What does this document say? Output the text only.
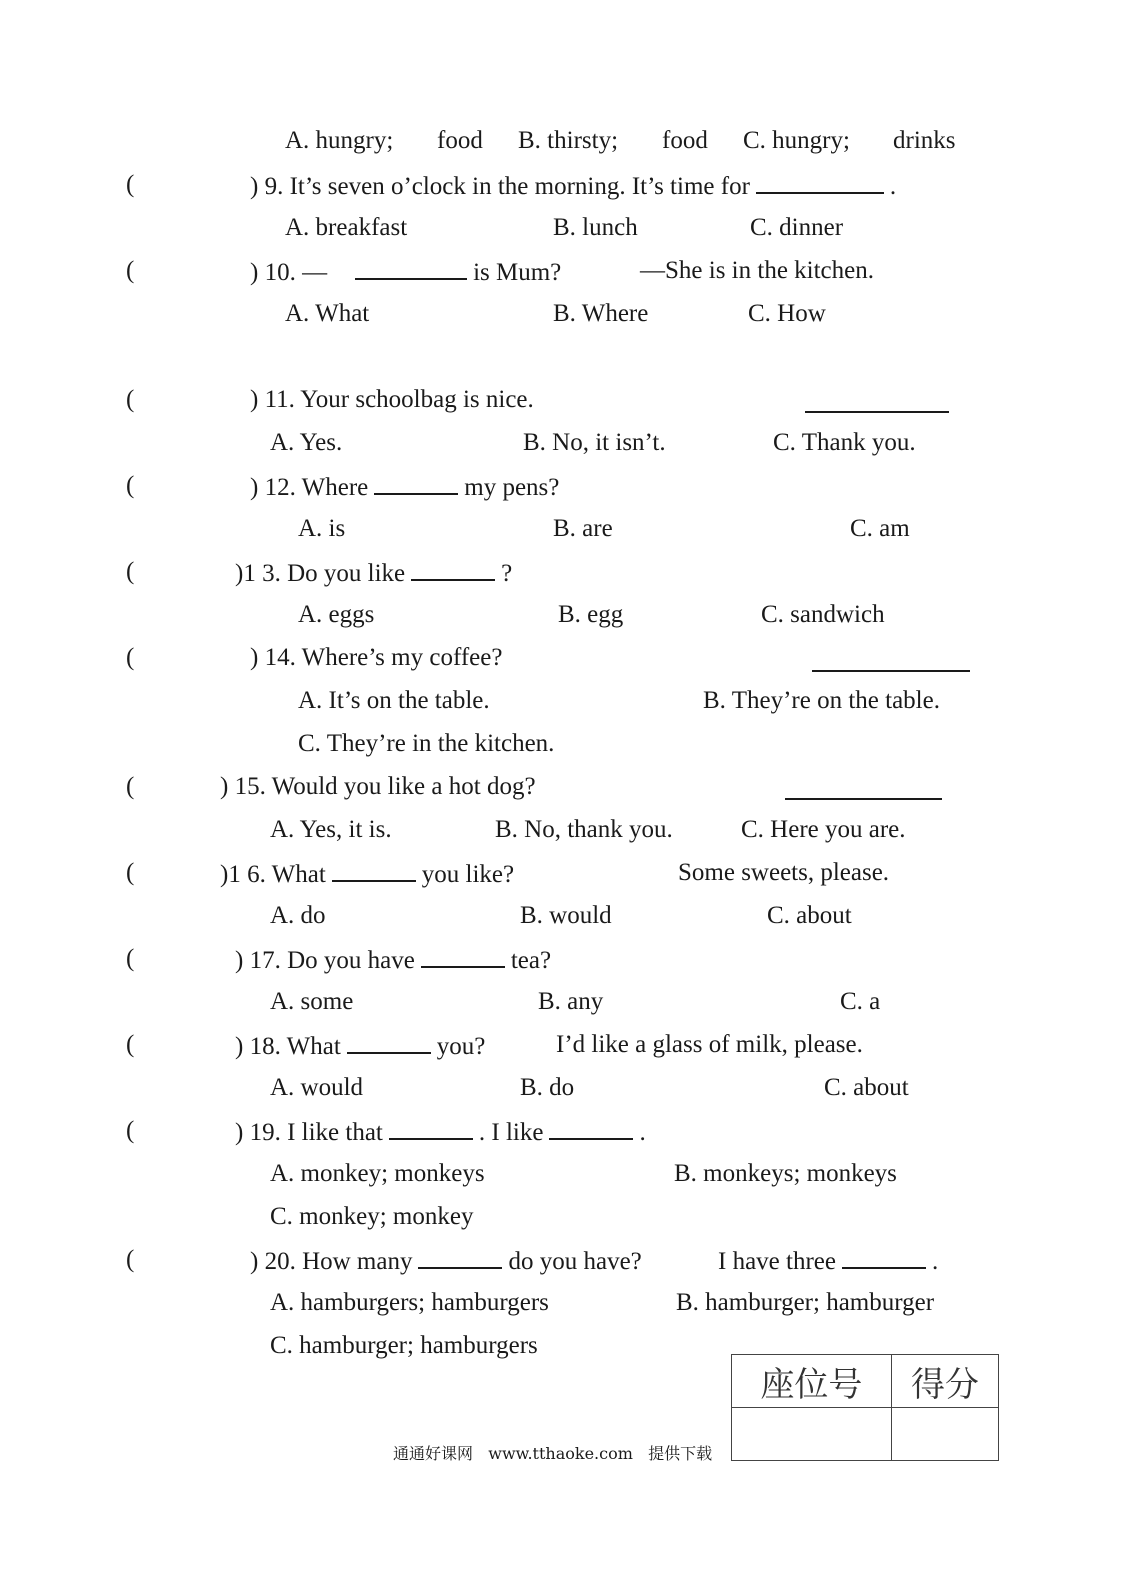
A. hungry; food B. thirsty; food C. hungry; drinks
(	) 9. It’s seven o’clock in the morning. It’s time for	.
A. breakfast	B. lunch	C. dinner
(	) 10. —	is Mum?	—She is in the kitchen.
A. What	B. Where	C. How
(	) 11. Your schoolbag is nice.
A. Yes.	B. No, it isn’t.	C. Thank you.
(	) 12. Where	my pens?
A. is	B. are	C. am
(	)1 3. Do you like	?
A. eggs	B. egg	C. sandwich
(	) 14. Where’s my coffee?
A. It’s on the table.	B. They’re on the table.
C. They’re in the kitchen.
(	) 15. Would you like a hot dog?
A. Yes, it is.	B. No, thank you.	C. Here you are.
(	)1 6. What	you like?	Some sweets, please.
A. do	B. would	C. about
(	) 17. Do you have	tea?
A. some	B. any	C. a
(	) 18. What	you?	I’d like a glass of milk, please.
A. would	B. do	C. about
(	) 19. I like that	. I like	.
A. monkey; monkeys	B. monkeys; monkeys
C. monkey; monkey
(	) 20. How many	do you have?	I have three	.
A. hamburgers; hamburgers	B. hamburger; hamburger
C. hamburger; hamburgers
座位号	得分

通通好课网 www.tthaoke.com 提供下载
